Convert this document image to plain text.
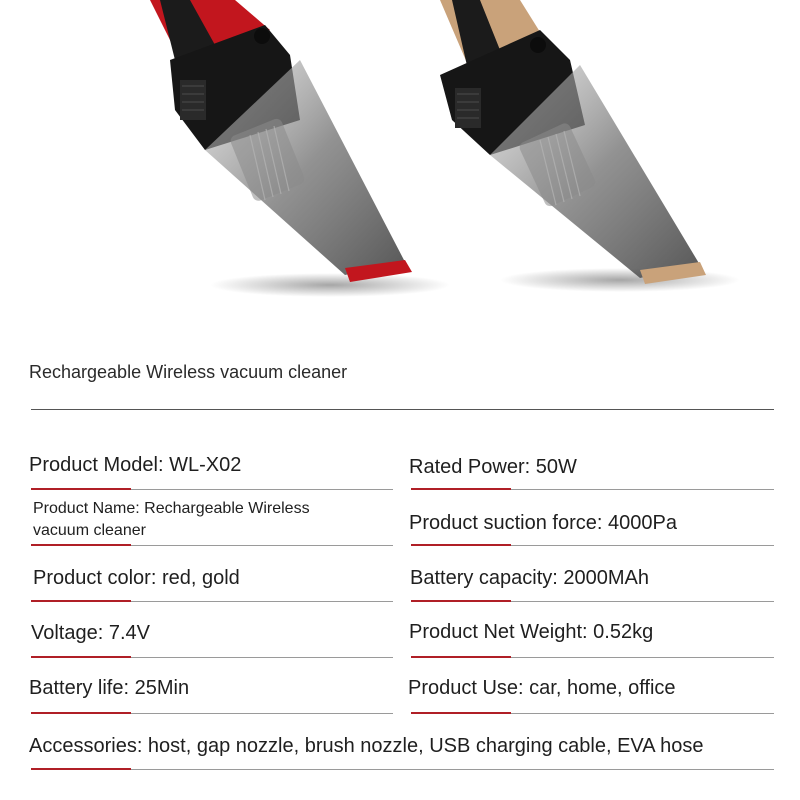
Rechargeable Wireless vacuum cleaner
Product Model: WL-X02	Rated Power: 50W
Product Name: Rechargeable Wireless vacuum cleaner	Product suction force: 4000Pa
Product color: red, gold	Battery capacity: 2000MAh
Voltage: 7.4V	Product Net Weight: 0.52kg
Battery life: 25Min	Product Use: car, home, office
Accessories: host, gap nozzle, brush nozzle, USB charging cable, EVA hose
